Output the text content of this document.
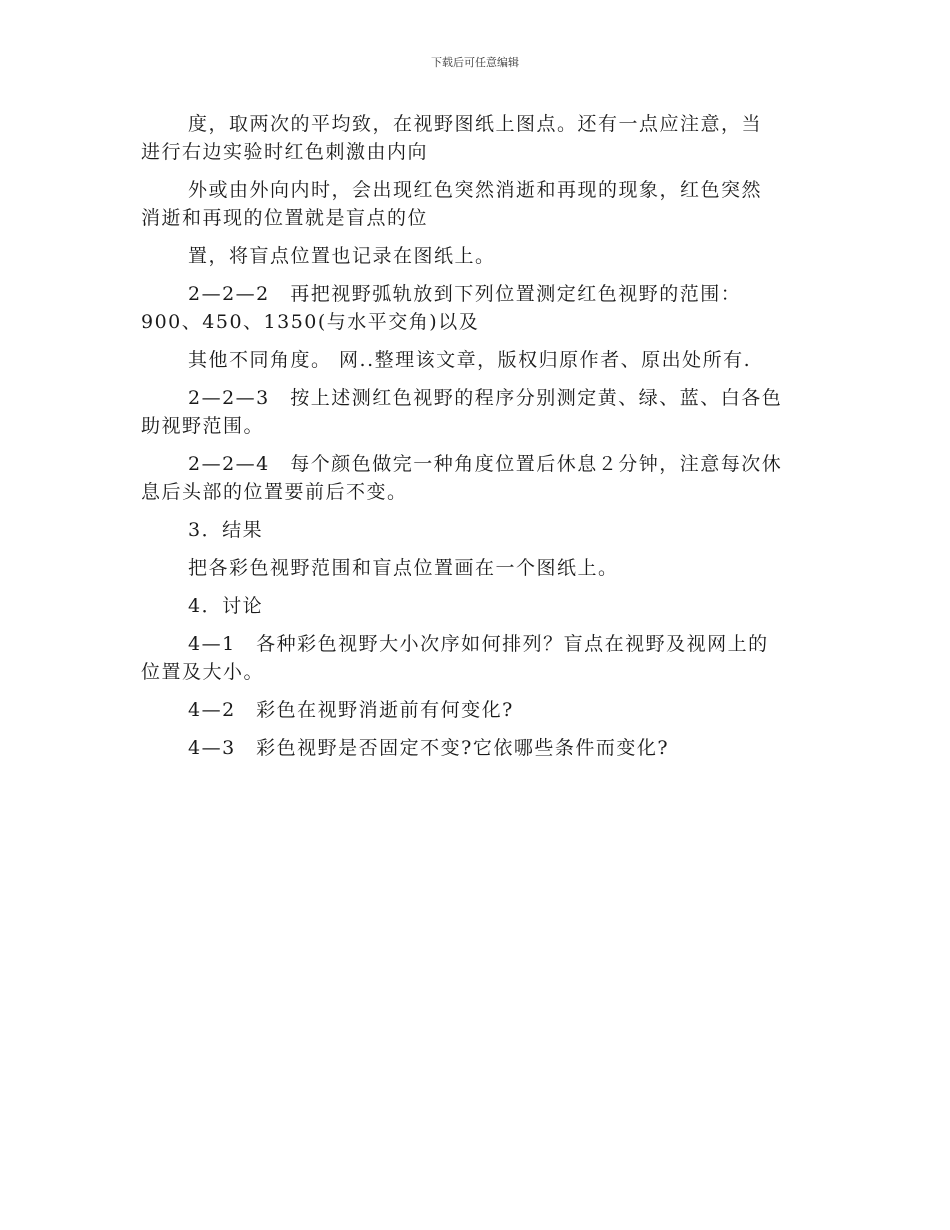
下载后可任意编辑

度，取两次的平均致，在视野图纸上图点。还有一点应注意，当

进行右边实验时红色刺激由内向

外或由外向内时，会出现红色突然消逝和再现的现象，红色突然

消逝和再现的位置就是盲点的位

置，将盲点位置也记录在图纸上。

2—2—2　再把视野弧轨放到下列位置测定红色视野的范围：

900、450、1350(与水平交角)以及

其他不同角度。 网..整理该文章，版权归原作者、原出处所有.

2—2—3　按上述测红色视野的程序分别测定黄、绿、蓝、白各色

助视野范围。

2—2—4　每个颜色做完一种角度位置后休息２分钟，注意每次休

息后头部的位置要前后不变。

3．结果

把各彩色视野范围和盲点位置画在一个图纸上。

4．讨论

4—1　各种彩色视野大小次序如何排列？盲点在视野及视网上的

位置及大小。

4—2　彩色在视野消逝前有何变化?

4—3　彩色视野是否固定不变?它依哪些条件而变化?
